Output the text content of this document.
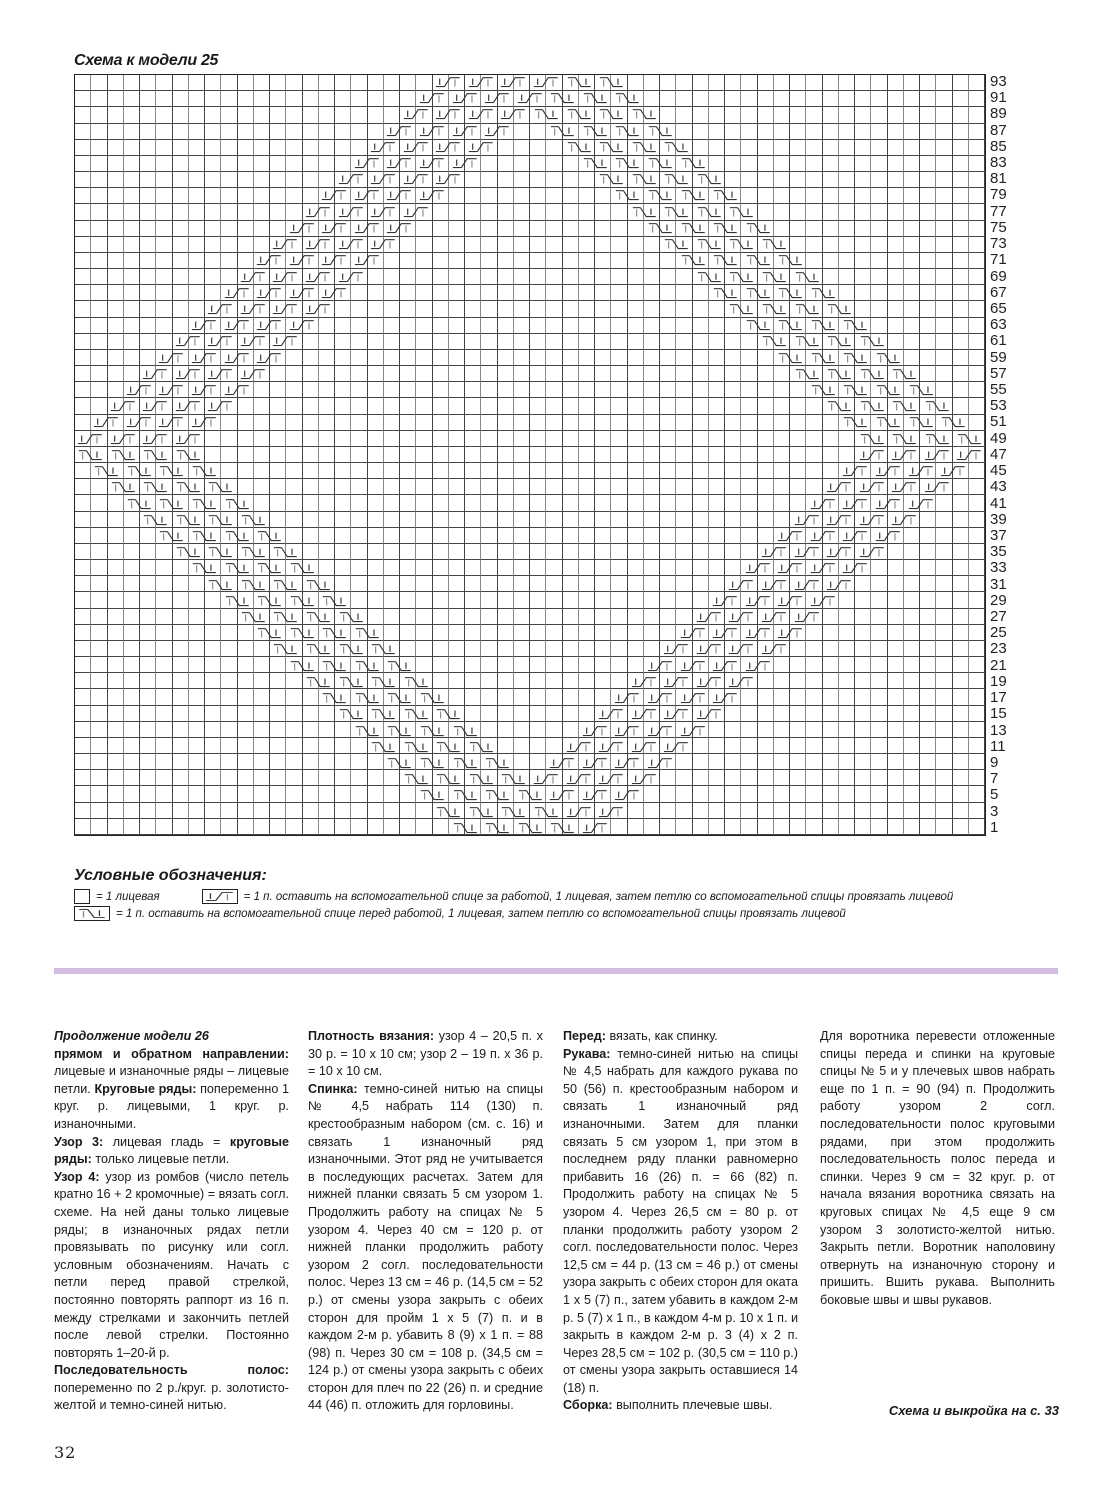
Схема к модели 25
93
91
89
87
85
83
81
79
77
75
73
71
69
67
65
63
61
59
57
55
53
51
49
47
45
43
41
39
37
35
33
31
29
27
25
23
21
19
17
15
13
11
9
7
5
3
1
Условные обозначения:
= 1 лицевая	= 1 п. оставить на вспомогательной спице за работой, 1 лицевая, затем петлю со вспомогательной спицы провязать лицевой
= 1 п. оставить на вспомогательной спице перед работой, 1 лицевая, затем петлю со вспомогательной спицы провязать лицевой

Продолжение модели 26

прямом и обратном направлении: лицевые и изнаночные ряды – лицевые петли. Круговые ряды: попеременно 1 круг. р. лицевыми, 1 круг. р. изнаночными.

Узор 3: лицевая гладь = круговые ряды: только лицевые петли.

Узор 4: узор из ромбов (число петель кратно 16 + 2 кромочные) = вязать согл. схеме. На ней даны только лицевые ряды; в изнаночных рядах петли провязывать по рисунку или согл. условным обозначениям. Начать с петли перед правой стрелкой, постоянно повторять раппорт из 16 п. между стрелками и закончить петлей после левой стрелки. Постоянно повторять 1–20-й р.

Последовательность полос: попеременно по 2 р./круг. р. золотисто-желтой и темно-синей нитью.

Плотность вязания: узор 4 – 20,5 п. х 30 р. = 10 х 10 см; узор 2 – 19 п. х 36 р. = 10 х 10 см.

Спинка: темно-синей нитью на спицы № 4,5 набрать 114 (130) п. крестообразным набором (см. с. 16) и связать 1 изнаночный ряд изнаночными. Этот ряд не учитывается в последующих расчетах. Затем для нижней планки связать 5 см узором 1. Продолжить работу на спицах № 5 узором 4. Через 40 см = 120 р. от нижней планки продолжить работу узором 2 согл. последовательности полос. Через 13 см = 46 р. (14,5 см = 52 р.) от смены узора закрыть с обеих сторон для пройм 1 х 5 (7) п. и в каждом 2-м р. убавить 8 (9) х 1 п. = 88 (98) п. Через 30 см = 108 р. (34,5 см = 124 р.) от смены узора закрыть с обеих сторон для плеч по 22 (26) п. и средние 44 (46) п. отложить для горловины.

Перед: вязать, как спинку.

Рукава: темно-синей нитью на спицы № 4,5 набрать для каждого рукава по 50 (56) п. крестообразным набором и связать 1 изнаночный ряд изнаночными. Затем для планки связать 5 см узором 1, при этом в последнем ряду планки равномерно прибавить 16 (26) п. = 66 (82) п. Продолжить работу на спицах № 5 узором 4. Через 26,5 см = 80 р. от планки продолжить работу узором 2 согл. последовательности полос. Через 12,5 см = 44 р. (13 см = 46 р.) от смены узора закрыть с обеих сторон для оката 1 х 5 (7) п., затем убавить в каждом 2-м р. 5 (7) х 1 п., в каждом 4-м р. 10 х 1 п. и закрыть в каждом 2-м р. 3 (4) х 2 п. Через 28,5 см = 102 р. (30,5 см = 110 р.) от смены узора закрыть оставшиеся 14 (18) п.

Сборка: выполнить плечевые швы.

Для воротника перевести отложенные спицы переда и спинки на круговые спицы № 5 и у плечевых швов набрать еще по 1 п. = 90 (94) п. Продолжить работу узором 2 согл. последовательности полос круговыми рядами, при этом продолжить последовательность полос переда и спинки. Через 9 см = 32 круг. р. от начала вязания воротника связать на круговых спицах № 4,5 еще 9 см узором 3 золотисто-желтой нитью. Закрыть петли. Воротник наполовину отвернуть на изнаночную сторону и пришить. Вшить рукава. Выполнить боковые швы и швы рукавов.

Схема и выкройка на с. 33
32
